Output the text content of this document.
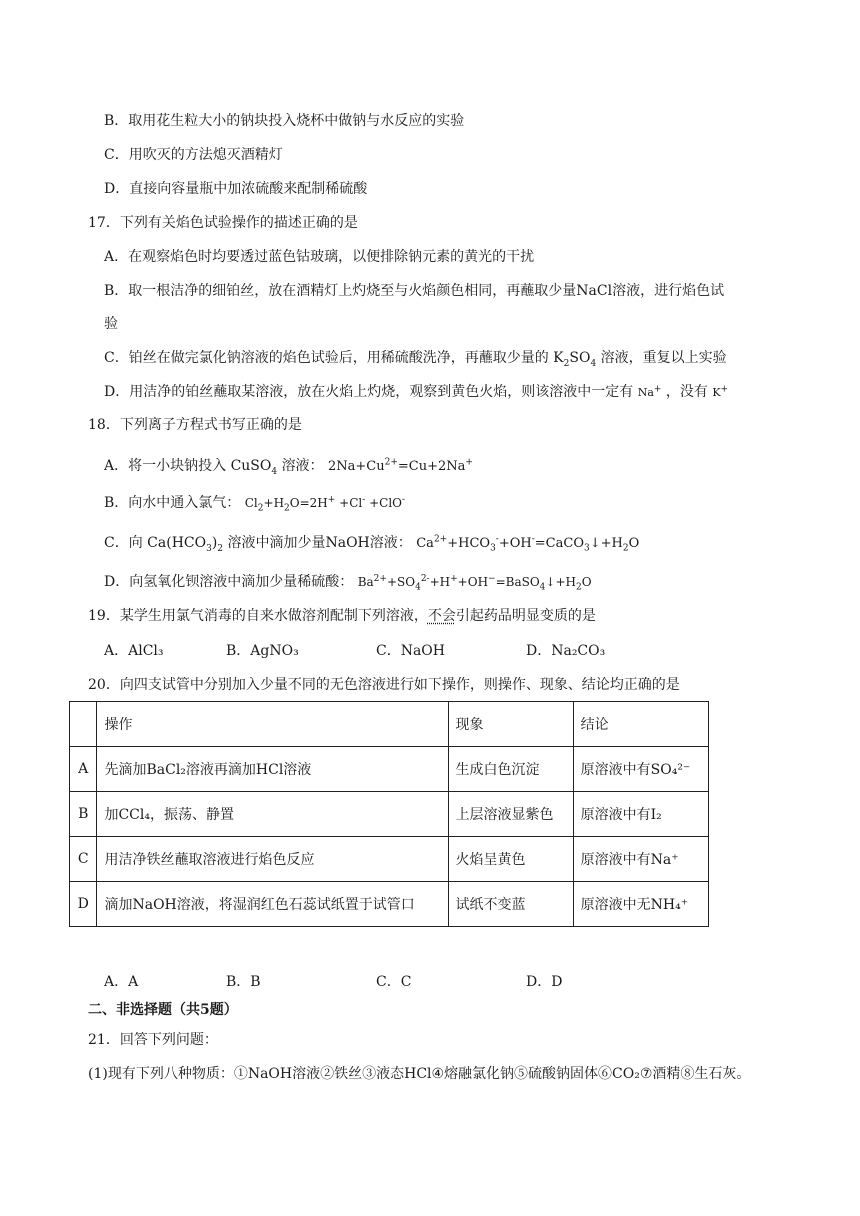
B．取用花生粒大小的钠块投入烧杯中做钠与水反应的实验
C．用吹灭的方法熄灭酒精灯
D．直接向容量瓶中加浓硫酸来配制稀硫酸
17．下列有关焰色试验操作的描述正确的是
A．在观察焰色时均要透过蓝色钴玻璃，以便排除钠元素的黄光的干扰
B．取一根洁净的细铂丝，放在酒精灯上灼烧至与火焰颜色相同，再蘸取少量NaCl溶液，进行焰色试
验
C．铂丝在做完氯化钠溶液的焰色试验后，用稀硫酸洗净，再蘸取少量的 $K_2SO_4$ 溶液，重复以上实验
D．用洁净的铂丝蘸取某溶液，放在火焰上灼烧，观察到黄色火焰，则该溶液中一定有 Na+ ，没有 K+
18．下列离子方程式书写正确的是
A．将一小块钠投入 CuSO$_4$ 溶液： $2Na+Cu^{2+}=Cu+2Na^+$
B．向水中通入氯气： $Cl_2+H_2O=2H^+ +Cl^- +ClO^-$
C．向 $Ca(HCO_3)_2$ 溶液中滴加少量NaOH溶液： $Ca^{2+}+HCO_3^-+OH^-=CaCO_3↓+H_2O$
D．向氢氧化钡溶液中滴加少量稀硫酸： $Ba^{2+}+SO_4^{2-}+H^++OH^-=BaSO_4↓+H_2O$
19．某学生用氯气消毒的自来水做溶剂配制下列溶液，不会引起药品明显变质的是
A．AlCl₃	B．AgNO₃	C．NaOH	D．Na₂CO₃
20．向四支试管中分别加入少量不同的无色溶液进行如下操作，则操作、现象、结论均正确的是
	操作	现象	结论
A	先滴加BaCl₂溶液再滴加HCl溶液	生成白色沉淀	原溶液中有SO₄²⁻
B	加CCl₄，振荡、静置	上层溶液显紫色	原溶液中有I₂
C	用洁净铁丝蘸取溶液进行焰色反应	火焰呈黄色	原溶液中有Na⁺
D	滴加NaOH溶液，将湿润红色石蕊试纸置于试管口	试纸不变蓝	原溶液中无NH₄⁺
A．A	B．B	C．C	D．D
二、非选择题（共5题）
21．回答下列问题：
(1)现有下列八种物质：①NaOH溶液②铁丝③液态HCl④熔融氯化钠⑤硫酸钠固体⑥CO₂⑦酒精⑧生石灰。
